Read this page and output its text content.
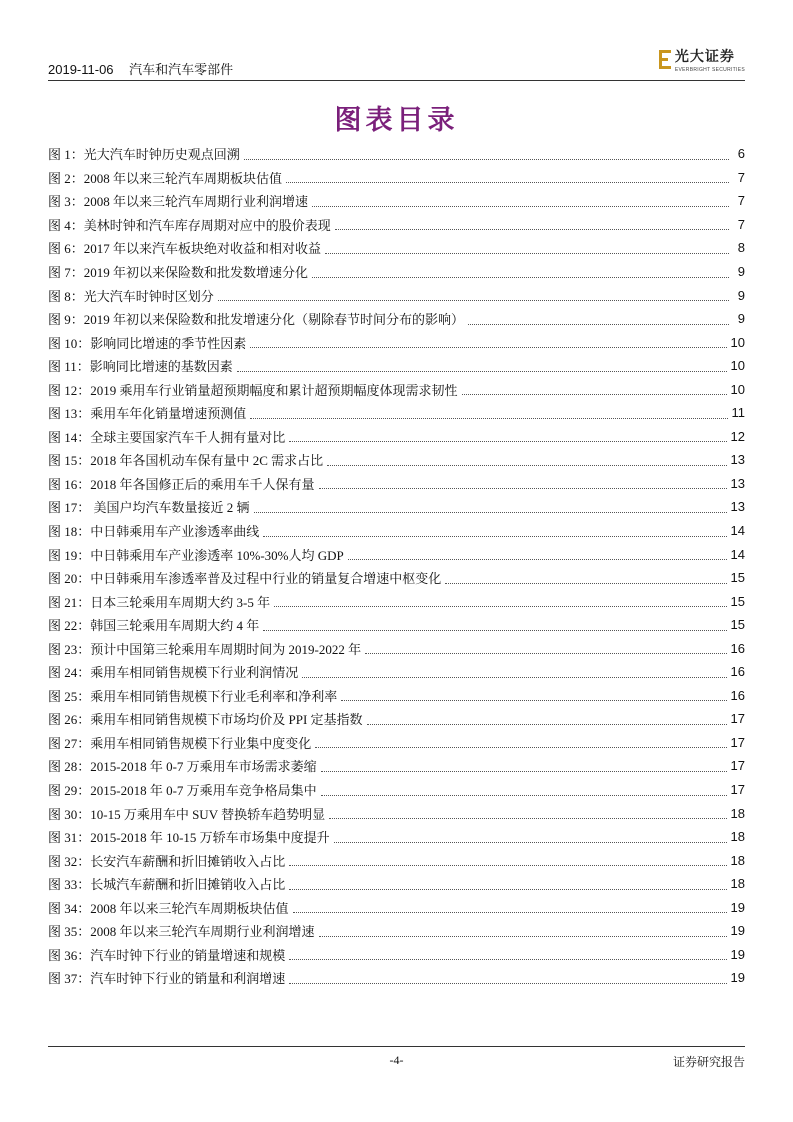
2019-11-06 汽车和汽车零部件
光大证券
EVERBRIGHT SECURITIES
图表目录
图 1：光大汽车时钟历史观点回溯	6
图 2：2008 年以来三轮汽车周期板块估值	7
图 3：2008 年以来三轮汽车周期行业利润增速	7
图 4：美林时钟和汽车库存周期对应中的股价表现	7
图 6：2017 年以来汽车板块绝对收益和相对收益	8
图 7：2019 年初以来保险数和批发数增速分化	9
图 8：光大汽车时钟时区划分	9
图 9：2019 年初以来保险数和批发增速分化（剔除春节时间分布的影响）	9
图 10：影响同比增速的季节性因素	10
图 11：影响同比增速的基数因素	10
图 12：2019 乘用车行业销量超预期幅度和累计超预期幅度体现需求韧性	10
图 13：乘用车年化销量增速预测值	11
图 14：全球主要国家汽车千人拥有量对比	12
图 15：2018 年各国机动车保有量中 2C 需求占比	13
图 16：2018 年各国修正后的乘用车千人保有量	13
图 17： 美国户均汽车数量接近 2 辆	13
图 18：中日韩乘用车产业渗透率曲线	14
图 19：中日韩乘用车产业渗透率 10%-30%人均 GDP	14
图 20：中日韩乘用车渗透率普及过程中行业的销量复合增速中枢变化	15
图 21：日本三轮乘用车周期大约 3-5 年	15
图 22：韩国三轮乘用车周期大约 4 年	15
图 23：预计中国第三轮乘用车周期时间为 2019-2022 年	16
图 24：乘用车相同销售规模下行业利润情况	16
图 25：乘用车相同销售规模下行业毛利率和净利率	16
图 26：乘用车相同销售规模下市场均价及 PPI 定基指数	17
图 27：乘用车相同销售规模下行业集中度变化	17
图 28：2015-2018 年 0-7 万乘用车市场需求萎缩	17
图 29：2015-2018 年 0-7 万乘用车竞争格局集中	17
图 30：10-15 万乘用车中 SUV 替换轿车趋势明显	18
图 31：2015-2018 年 10-15 万轿车市场集中度提升	18
图 32：长安汽车薪酬和折旧摊销收入占比	18
图 33：长城汽车薪酬和折旧摊销收入占比	18
图 34：2008 年以来三轮汽车周期板块估值	19
图 35：2008 年以来三轮汽车周期行业利润增速	19
图 36：汽车时钟下行业的销量增速和规模	19
图 37：汽车时钟下行业的销量和利润增速	19
-4-	证券研究报告
